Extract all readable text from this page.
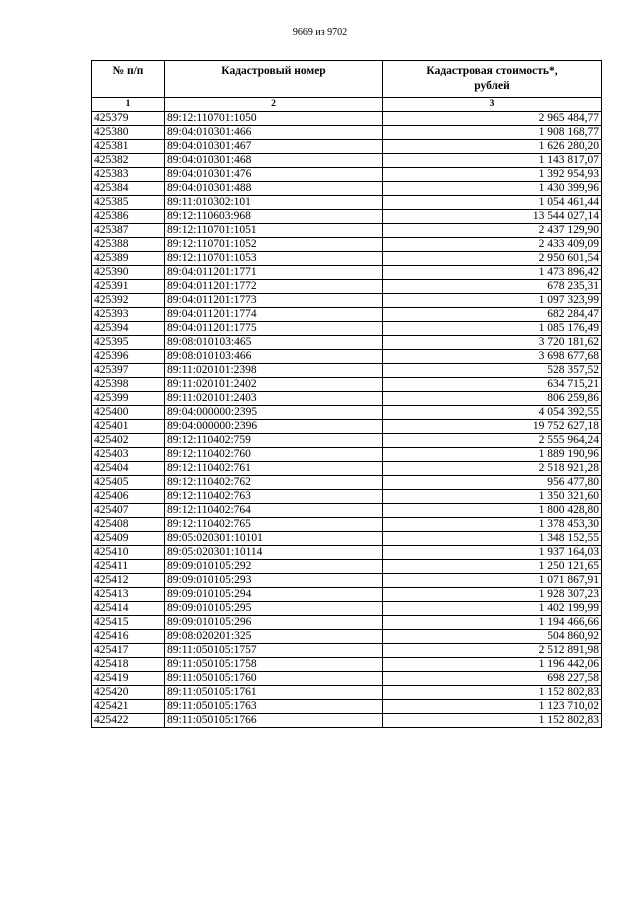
9669 из 9702
№ п/п	Кадастровый номер	Кадастровая стоимость*,
рублей
1	2	3
425379	89:12:110701:1050	2 965 484,77
425380	89:04:010301:466	1 908 168,77
425381	89:04:010301:467	1 626 280,20
425382	89:04:010301:468	1 143 817,07
425383	89:04:010301:476	1 392 954,93
425384	89:04:010301:488	1 430 399,96
425385	89:11:010302:101	1 054 461,44
425386	89:12:110603:968	13 544 027,14
425387	89:12:110701:1051	2 437 129,90
425388	89:12:110701:1052	2 433 409,09
425389	89:12:110701:1053	2 950 601,54
425390	89:04:011201:1771	1 473 896,42
425391	89:04:011201:1772	678 235,31
425392	89:04:011201:1773	1 097 323,99
425393	89:04:011201:1774	682 284,47
425394	89:04:011201:1775	1 085 176,49
425395	89:08:010103:465	3 720 181,62
425396	89:08:010103:466	3 698 677,68
425397	89:11:020101:2398	528 357,52
425398	89:11:020101:2402	634 715,21
425399	89:11:020101:2403	806 259,86
425400	89:04:000000:2395	4 054 392,55
425401	89:04:000000:2396	19 752 627,18
425402	89:12:110402:759	2 555 964,24
425403	89:12:110402:760	1 889 190,96
425404	89:12:110402:761	2 518 921,28
425405	89:12:110402:762	956 477,80
425406	89:12:110402:763	1 350 321,60
425407	89:12:110402:764	1 800 428,80
425408	89:12:110402:765	1 378 453,30
425409	89:05:020301:10101	1 348 152,55
425410	89:05:020301:10114	1 937 164,03
425411	89:09:010105:292	1 250 121,65
425412	89:09:010105:293	1 071 867,91
425413	89:09:010105:294	1 928 307,23
425414	89:09:010105:295	1 402 199,99
425415	89:09:010105:296	1 194 466,66
425416	89:08:020201:325	504 860,92
425417	89:11:050105:1757	2 512 891,98
425418	89:11:050105:1758	1 196 442,06
425419	89:11:050105:1760	698 227,58
425420	89:11:050105:1761	1 152 802,83
425421	89:11:050105:1763	1 123 710,02
425422	89:11:050105:1766	1 152 802,83
